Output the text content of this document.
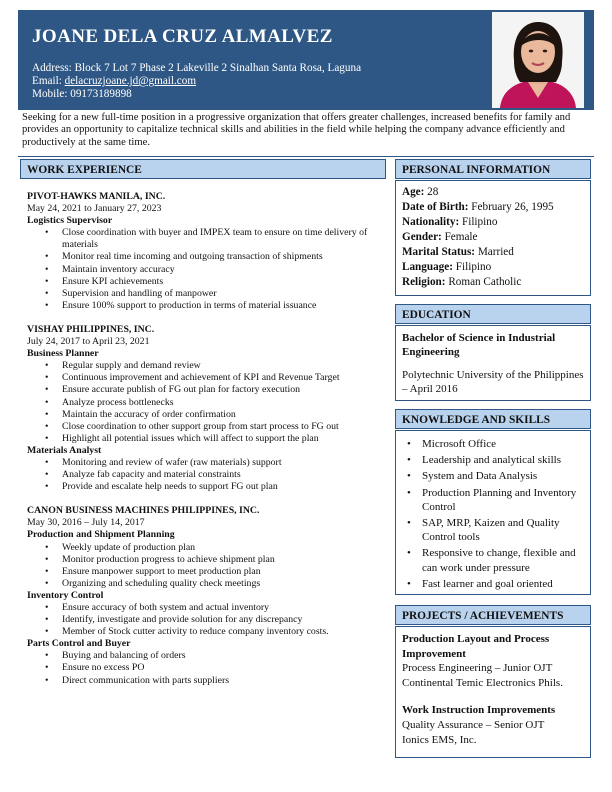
JOANE DELA CRUZ ALMALVEZ
Address: Block 7 Lot 7 Phase 2 Lakeville 2 Sinalhan Santa Rosa, Laguna
Email: delacruzjoane.jd@gmail.com
Mobile: 09173189898
Seeking for a new full-time position in a progressive organization that offers greater challenges, increased benefits for family and provides an opportunity to capitalize technical skills and abilities in the field while helping the company advance efficiently and productively at the same time.
WORK EXPERIENCE
PIVOT-HAWKS MANILA, INC.
May 24, 2021 to January 27, 2023
Logistics Supervisor
• Close coordination with buyer and IMPEX team to ensure on time delivery of materials
• Monitor real time incoming and outgoing transaction of shipments
• Maintain inventory accuracy
• Ensure KPI achievements
• Supervision and handling of manpower
• Ensure 100% support to production in terms of material issuance
VISHAY PHILIPPINES, INC.
July 24, 2017 to April 23, 2021
Business Planner
• Regular supply and demand review
• Continuous improvement and achievement of KPI and Revenue Target
• Ensure accurate publish of FG out plan for factory execution
• Analyze process bottlenecks
• Maintain the accuracy of order confirmation
• Close coordination to other support group from start process to FG out
• Highlight all potential issues which will affect to support the plan
Materials Analyst
• Monitoring and review of wafer (raw materials) support
• Analyze fab capacity and material constraints
• Provide and escalate help needs to support FG out plan
CANON BUSINESS MACHINES PHILIPPINES, INC.
May 30, 2016 – July 14, 2017
Production and Shipment Planning
• Weekly update of production plan
• Monitor production progress to achieve shipment plan
• Ensure manpower support to meet production plan
• Organizing and scheduling quality check meetings
Inventory Control
• Ensure accuracy of both system and actual inventory
• Identify, investigate and provide solution for any discrepancy
• Member of Stock cutter activity to reduce company inventory costs.
Parts Control and Buyer
• Buying and balancing of orders
• Ensure no excess PO
• Direct communication with parts suppliers
PERSONAL INFORMATION
Age: 28
Date of Birth: February 26, 1995
Nationality: Filipino
Gender: Female
Marital Status: Married
Language: Filipino
Religion: Roman Catholic
EDUCATION
Bachelor of Science in Industrial Engineering
Polytechnic University of the Philippines – April 2016
KNOWLEDGE AND SKILLS
• Microsoft Office
• Leadership and analytical skills
• System and Data Analysis
• Production Planning and Inventory Control
• SAP, MRP, Kaizen and Quality Control tools
• Responsive to change, flexible and can work under pressure
• Fast learner and goal oriented
PROJECTS / ACHIEVEMENTS
Production Layout and Process Improvement
Process Engineering – Junior OJT
Continental Temic Electronics Phils.
Work Instruction Improvements
Quality Assurance – Senior OJT
Ionics EMS, Inc.
